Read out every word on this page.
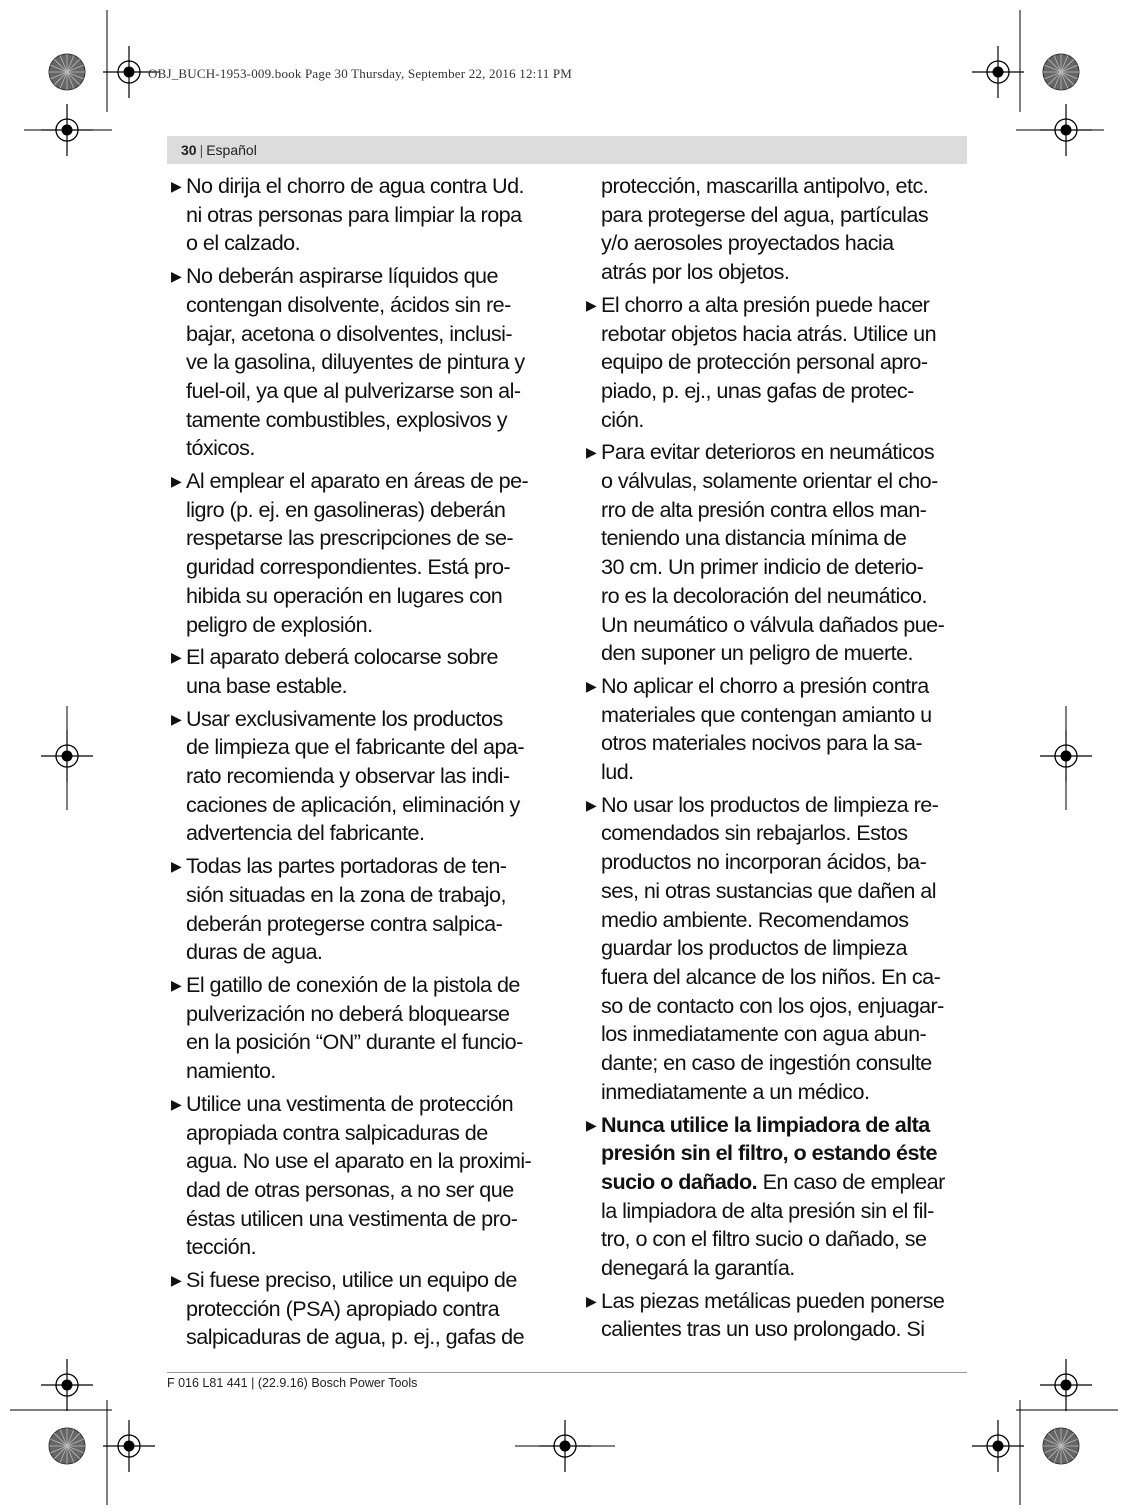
OBJ_BUCH-1953-009.book Page 30 Thursday, September 22, 2016 12:11 PM
30 | Español
▶ No dirija el chorro de agua contra Ud.
ni otras personas para limpiar la ropa
o el calzado.
▶ No deberán aspirarse líquidos que
contengan disolvente, ácidos sin re-
bajar, acetona o disolventes, inclusi-
ve la gasolina, diluyentes de pintura y
fuel-oil, ya que al pulverizarse son al-
tamente combustibles, explosivos y
tóxicos.
▶ Al emplear el aparato en áreas de pe-
ligro (p. ej. en gasolineras) deberán
respetarse las prescripciones de se-
guridad correspondientes. Está pro-
hibida su operación en lugares con
peligro de explosión.
▶ El aparato deberá colocarse sobre
una base estable.
▶ Usar exclusivamente los productos
de limpieza que el fabricante del apa-
rato recomienda y observar las indi-
caciones de aplicación, eliminación y
advertencia del fabricante.
▶ Todas las partes portadoras de ten-
sión situadas en la zona de trabajo,
deberán protegerse contra salpica-
duras de agua.
▶ El gatillo de conexión de la pistola de
pulverización no deberá bloquearse
en la posición “ON” durante el funcio-
namiento.
▶ Utilice una vestimenta de protección
apropiada contra salpicaduras de
agua. No use el aparato en la proximi-
dad de otras personas, a no ser que
éstas utilicen una vestimenta de pro-
tección.
▶ Si fuese preciso, utilice un equipo de
protección (PSA) apropiado contra
salpicaduras de agua, p. ej., gafas de
protección, mascarilla antipolvo, etc.
para protegerse del agua, partículas
y/o aerosoles proyectados hacia
atrás por los objetos.
▶ El chorro a alta presión puede hacer
rebotar objetos hacia atrás. Utilice un
equipo de protección personal apro-
piado, p. ej., unas gafas de protec-
ción.
▶ Para evitar deterioros en neumáticos
o válvulas, solamente orientar el cho-
rro de alta presión contra ellos man-
teniendo una distancia mínima de
30 cm. Un primer indicio de deterio-
ro es la decoloración del neumático.
Un neumático o válvula dañados pue-
den suponer un peligro de muerte.
▶ No aplicar el chorro a presión contra
materiales que contengan amianto u
otros materiales nocivos para la sa-
lud.
▶ No usar los productos de limpieza re-
comendados sin rebajarlos. Estos
productos no incorporan ácidos, ba-
ses, ni otras sustancias que dañen al
medio ambiente. Recomendamos
guardar los productos de limpieza
fuera del alcance de los niños. En ca-
so de contacto con los ojos, enjuagar-
los inmediatamente con agua abun-
dante; en caso de ingestión consulte
inmediatamente a un médico.
▶ Nunca utilice la limpiadora de alta
presión sin el filtro, o estando éste
sucio o dañado. En caso de emplear
la limpiadora de alta presión sin el fil-
tro, o con el filtro sucio o dañado, se
denegará la garantía.
▶ Las piezas metálicas pueden ponerse
calientes tras un uso prolongado. Si
F 016 L81 441 | (22.9.16) Bosch Power Tools
